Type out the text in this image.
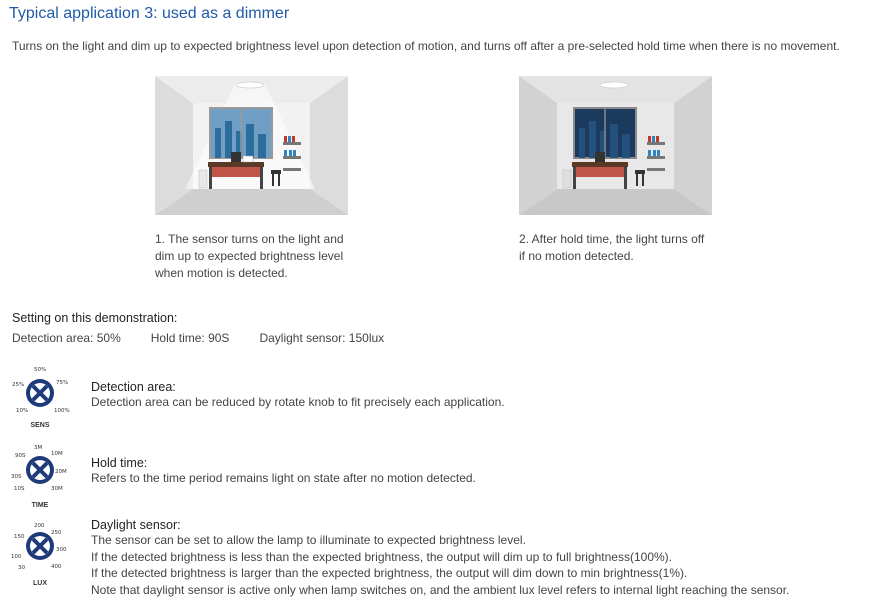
Typical application 3: used as a dimmer
Turns on the light and dim up to expected brightness level upon detection of motion, and turns off after a pre-selected hold time when there is no movement.
1. The sensor turns on the light and
dim up to expected brightness level
when motion is detected.
2. After hold time, the light turns off
if no motion detected.
Setting on this demonstration:
Detection area: 50%	Hold time: 90S	Daylight sensor: 150lux
10%
25%
50%
75%
100%
SENS
10S
30S
90S
3M
10M
20M
30M
TIME
30
100
150
200
250
300
400
LUX
Detection area:
Detection area can be reduced by rotate knob to fit precisely each application.
Hold time:
Refers to the time period remains light on state after no motion detected.
Daylight sensor:
The sensor can be set to allow the lamp to illuminate to expected brightness level.
If the detected brightness is less than the expected brightness, the output will dim up to full brightness(100%).
If the detected brightness is larger than the expected brightness, the output will dim down to min brightness(1%).
Note that daylight sensor is active only when lamp switches on, and the ambient lux level refers to internal light reaching the sensor.
